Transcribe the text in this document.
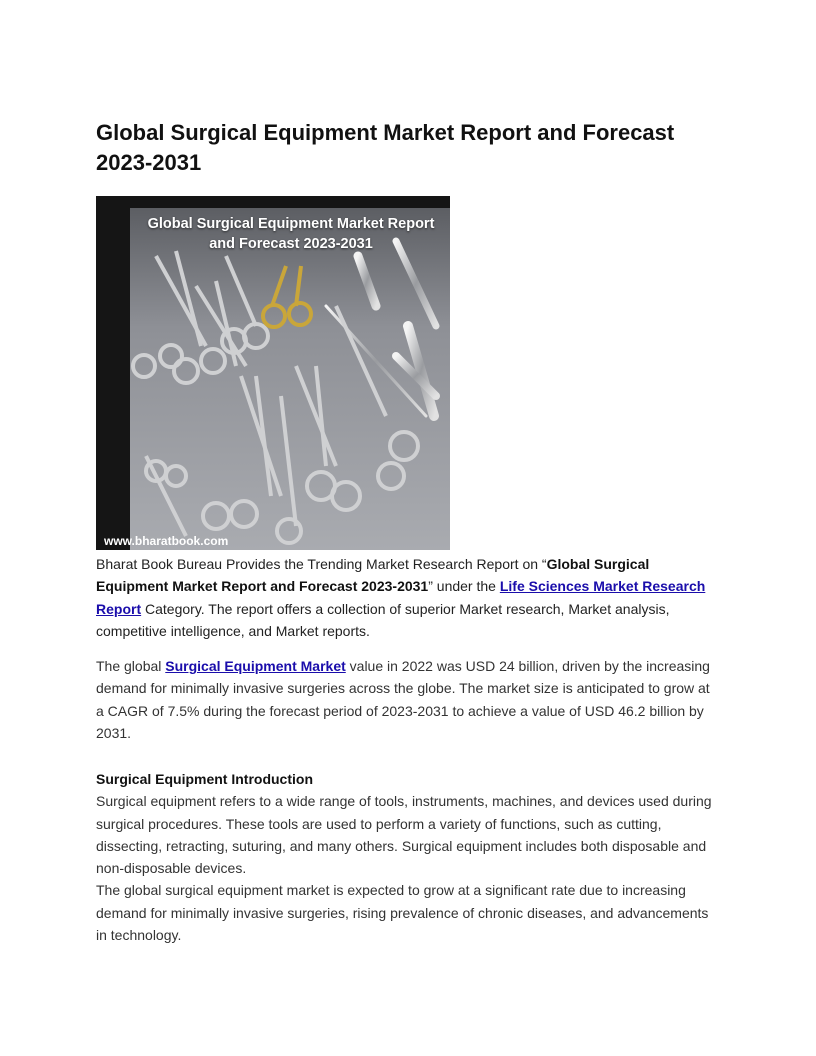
Global Surgical Equipment Market Report and Forecast 2023-2031
Global Surgical Equipment Market Report and Forecast 2023-2031
www.bharatbook.com

Bharat Book Bureau Provides the Trending Market Research Report on “Global Surgical Equipment Market Report and Forecast 2023-2031” under the Life Sciences Market Research Report Category. The report offers a collection of superior Market research, Market analysis, competitive intelligence, and Market reports.

The global Surgical Equipment Market value in 2022 was USD 24 billion, driven by the increasing demand for minimally invasive surgeries across the globe. The market size is anticipated to grow at a CAGR of 7.5% during the forecast period of 2023-2031 to achieve a value of USD 46.2 billion by 2031.

Surgical Equipment Introduction
Surgical equipment refers to a wide range of tools, instruments, machines, and devices used during surgical procedures. These tools are used to perform a variety of functions, such as cutting, dissecting, retracting, suturing, and many others. Surgical equipment includes both disposable and non-disposable devices.
The global surgical equipment market is expected to grow at a significant rate due to increasing demand for minimally invasive surgeries, rising prevalence of chronic diseases, and advancements in technology.
